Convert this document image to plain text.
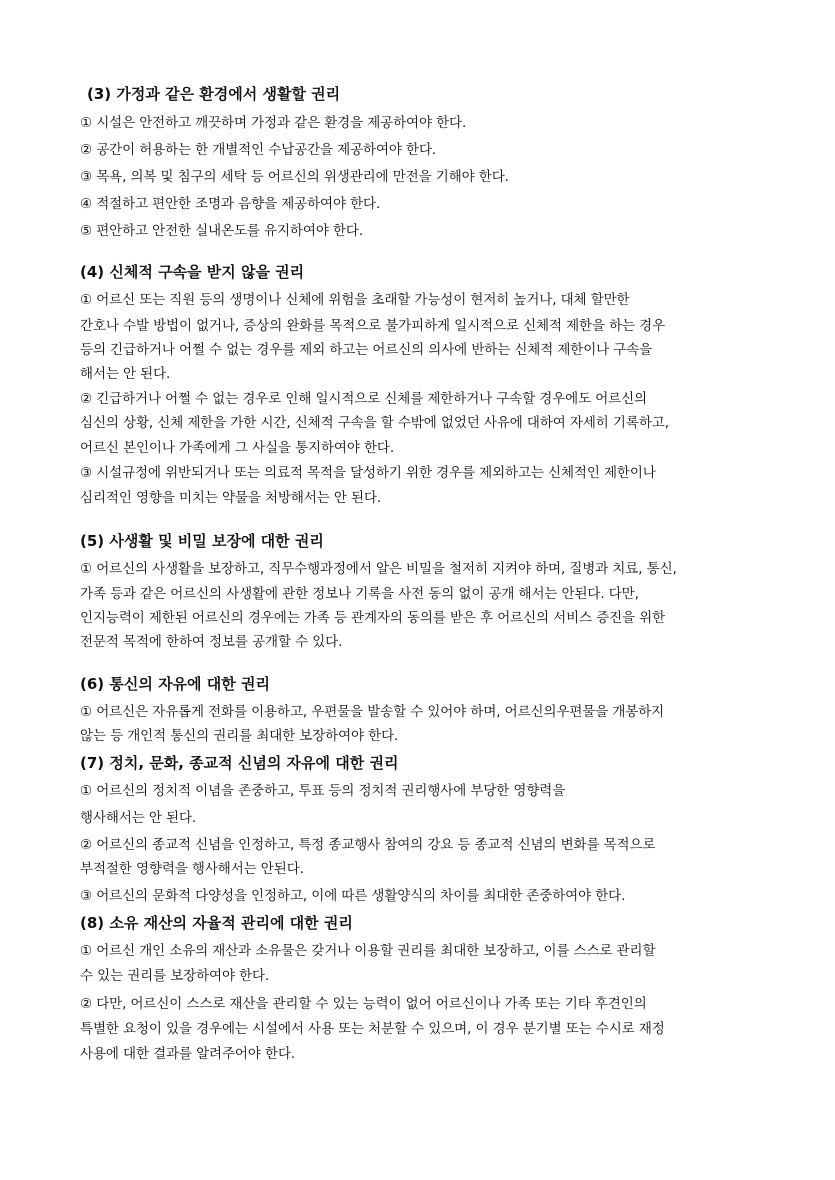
(3) 가정과 같은 환경에서 생활할 권리
① 시설은 안전하고 깨끗하며 가정과 같은 환경을 제공하여야 한다.
② 공간이 허용하는 한 개별적인 수납공간을 제공하여야 한다.
③ 목욕, 의복 및 침구의 세탁 등 어르신의 위생관리에 만전을 기해야 한다.
④ 적절하고 편안한 조명과 음향을 제공하여야 한다.
⑤ 편안하고 안전한 실내온도를 유지하여야 한다.
(4) 신체적 구속을 받지 않을 권리
① 어르신 또는 직원 등의 생명이나 신체에 위험을 초래할 가능성이 현저히 높거나, 대체 할만한
간호나 수발 방법이 없거나, 증상의 완화를 목적으로 불가피하게 일시적으로 신체적 제한을 하는 경우
등의 긴급하거나 어쩔 수 없는 경우를 제외 하고는 어르신의 의사에 반하는 신체적 제한이나 구속을
해서는 안 된다.
② 긴급하거나 어쩔 수 없는 경우로 인해 일시적으로 신체를 제한하거나 구속할 경우에도 어르신의
심신의 상황, 신체 제한을 가한 시간, 신체적 구속을 할 수밖에 없었던 사유에 대하여 자세히 기록하고,
어르신 본인이나 가족에게 그 사실을 통지하여야 한다.
③ 시설규정에 위반되거나 또는 의료적 목적을 달성하기 위한 경우를 제외하고는 신체적인 제한이나
심리적인 영향을 미치는 약물을 처방해서는 안 된다.
(5) 사생활 및 비밀 보장에 대한 권리
① 어르신의 사생활을 보장하고, 직무수행과정에서 알은 비밀을 철저히 지켜야 하며, 질병과 치료, 통신,
가족 등과 같은 어르신의 사생활에 관한 정보나 기록을 사전 동의 없이 공개 해서는 안된다. 다만,
인지능력이 제한된 어르신의 경우에는 가족 등 관계자의 동의를 받은 후 어르신의 서비스 증진을 위한
전문적 목적에 한하여 정보를 공개할 수 있다.
(6) 통신의 자유에 대한 권리
① 어르신은 자유롭게 전화를 이용하고, 우편물을 발송할 수 있어야 하며, 어르신의우편물을 개봉하지
않는 등 개인적 통신의 권리를 최대한 보장하여야 한다.
(7) 정치, 문화, 종교적 신념의 자유에 대한 권리
① 어르신의 정치적 이념을 존중하고, 투표 등의 정치적 권리행사에 부당한 영향력을
행사해서는 안 된다.
② 어르신의 종교적 신념을 인정하고, 특정 종교행사 참여의 강요 등 종교적 신념의 변화를 목적으로
부적절한 영향력을 행사해서는 안된다.
③ 어르신의 문화적 다양성을 인정하고, 이에 따른 생활양식의 차이를 최대한 존중하여야 한다.
(8) 소유 재산의 자율적 관리에 대한 권리
① 어르신 개인 소유의 재산과 소유물은 갖거나 이용할 권리를 최대한 보장하고, 이를 스스로 관리할
수 있는 권리를 보장하여야 한다.
② 다만, 어르신이 스스로 재산을 관리할 수 있는 능력이 없어 어르신이나 가족 또는 기타 후견인의
특별한 요청이 있을 경우에는 시설에서 사용 또는 처분할 수 있으며, 이 경우 분기별 또는 수시로 재정
사용에 대한 결과를 알려주어야 한다.
